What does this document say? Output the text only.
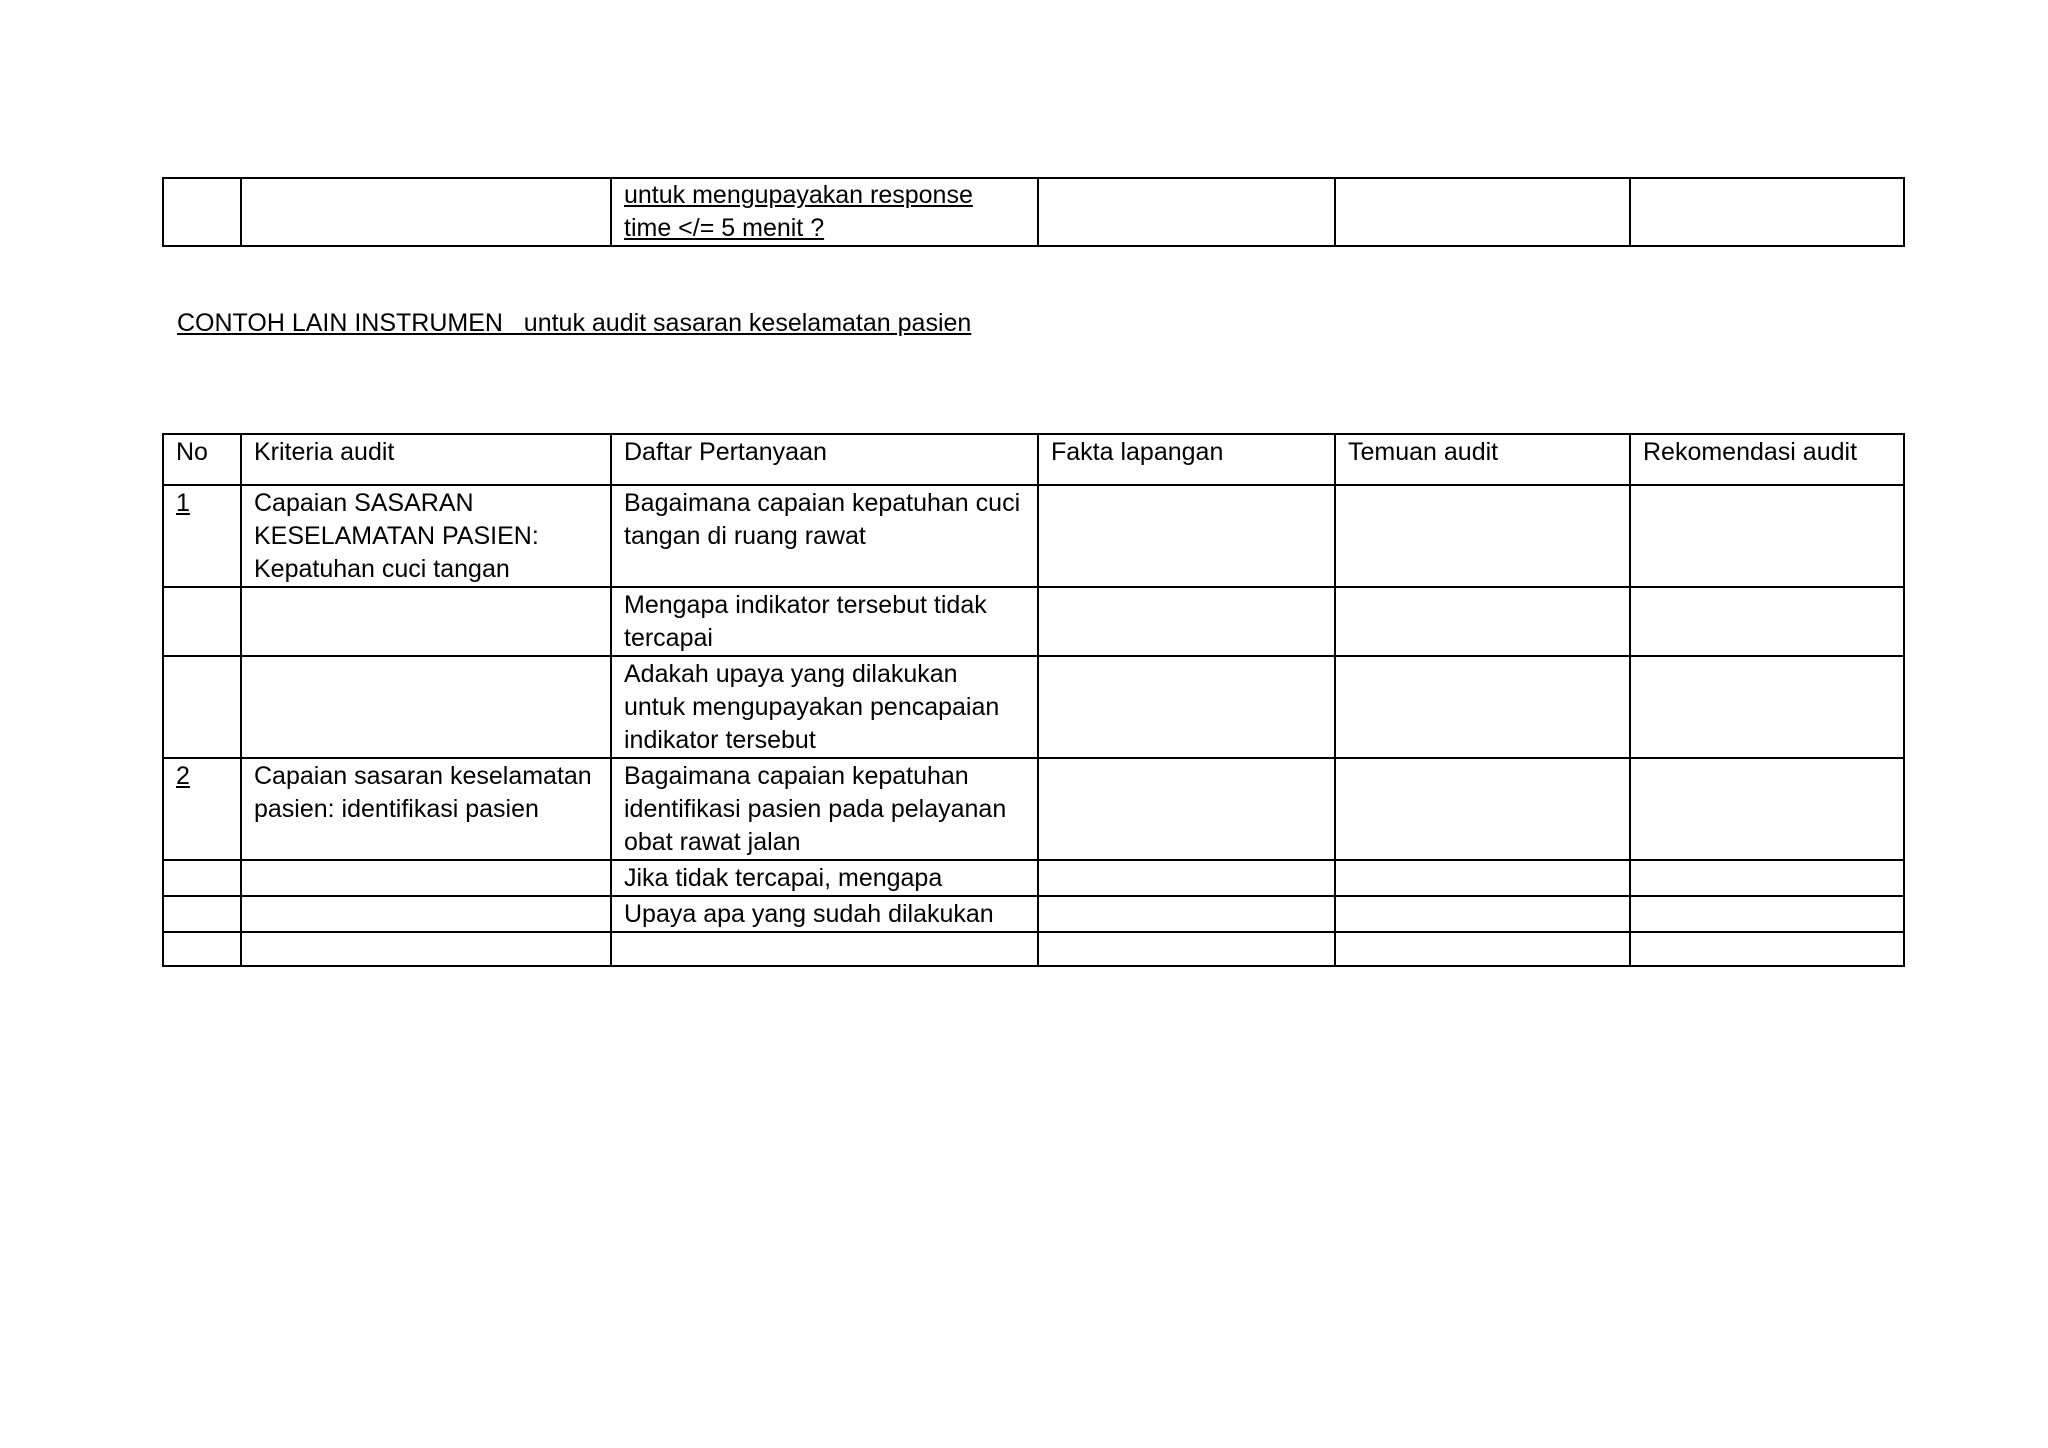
		untuk mengupayakan response time </= 5 menit ?			
CONTOH LAIN INSTRUMEN   untuk audit sasaran keselamatan pasien
No	Kriteria audit	Daftar Pertanyaan	Fakta lapangan	Temuan audit	Rekomendasi audit
1	Capaian SASARAN KESELAMATAN PASIEN: Kepatuhan cuci tangan	Bagaimana capaian kepatuhan cuci tangan di ruang rawat			
		Mengapa indikator tersebut tidak tercapai			
		Adakah upaya yang dilakukan untuk mengupayakan pencapaian indikator tersebut			
2	Capaian sasaran keselamatan pasien: identifikasi pasien	Bagaimana capaian kepatuhan identifikasi pasien pada pelayanan obat rawat jalan			
		Jika tidak tercapai, mengapa			
		Upaya apa yang sudah dilakukan			
